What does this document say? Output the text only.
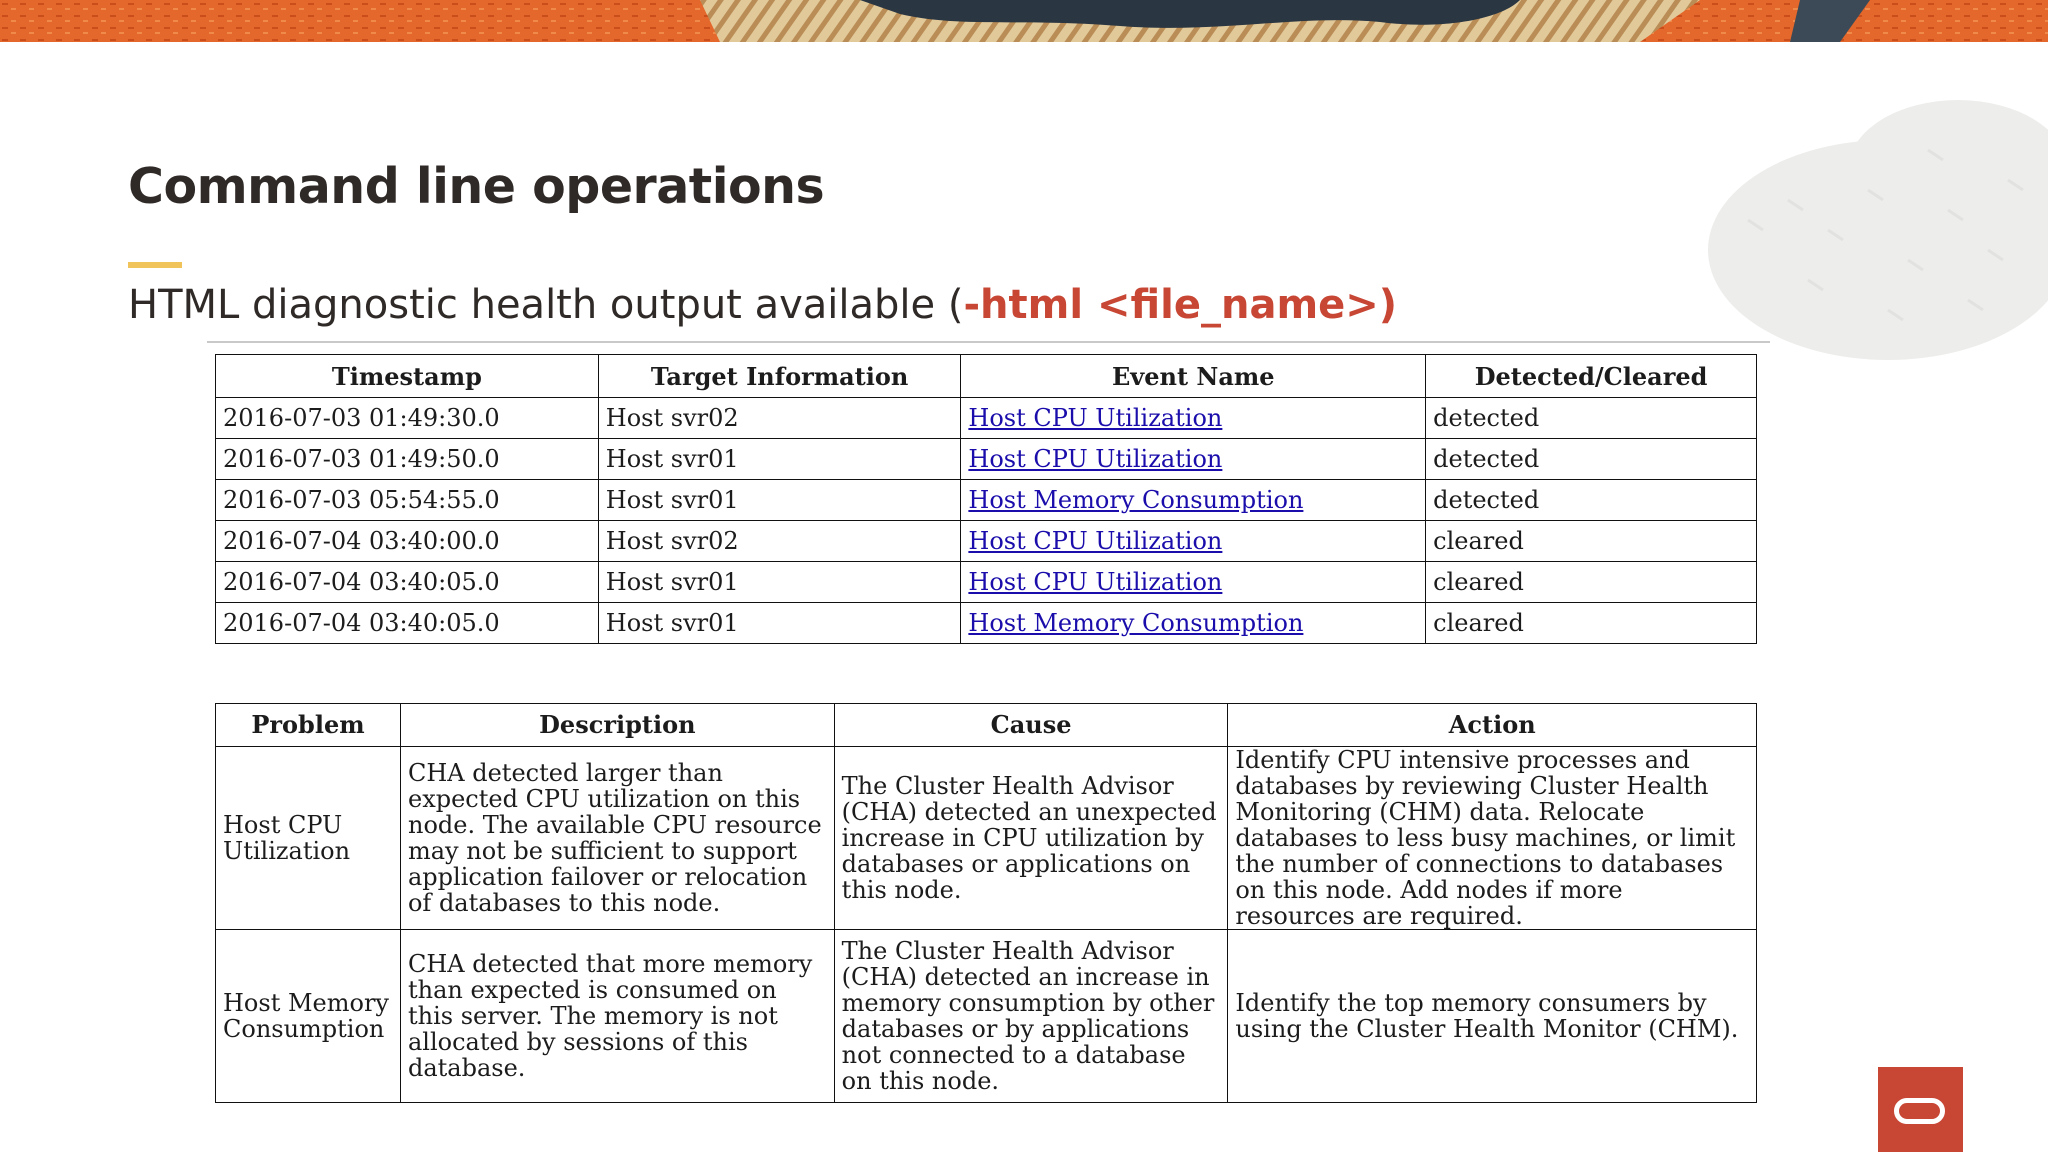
Command line operations
HTML diagnostic health output available (-html <file_name>)
Timestamp	Target Information	Event Name	Detected/Cleared
2016-07-03 01:49:30.0	Host svr02	Host CPU Utilization	detected
2016-07-03 01:49:50.0	Host svr01	Host CPU Utilization	detected
2016-07-03 05:54:55.0	Host svr01	Host Memory Consumption	detected
2016-07-04 03:40:00.0	Host svr02	Host CPU Utilization	cleared
2016-07-04 03:40:05.0	Host svr01	Host CPU Utilization	cleared
2016-07-04 03:40:05.0	Host svr01	Host Memory Consumption	cleared
Problem	Description	Cause	Action
Host CPU Utilization	CHA detected larger than expected CPU utilization on this node. The available CPU resource may not be sufficient to support application failover or relocation of databases to this node.	The Cluster Health Advisor (CHA) detected an unexpected increase in CPU utilization by databases or applications on this node.	Identify CPU intensive processes and databases by reviewing Cluster Health Monitoring (CHM) data. Relocate databases to less busy machines, or limit the number of connections to databases on this node. Add nodes if more resources are required.
Host Memory Consumption	CHA detected that more memory than expected is consumed on this server. The memory is not allocated by sessions of this database.	The Cluster Health Advisor (CHA) detected an increase in memory consumption by other databases or by applications not connected to a database on this node.	Identify the top memory consumers by using the Cluster Health Monitor (CHM).
